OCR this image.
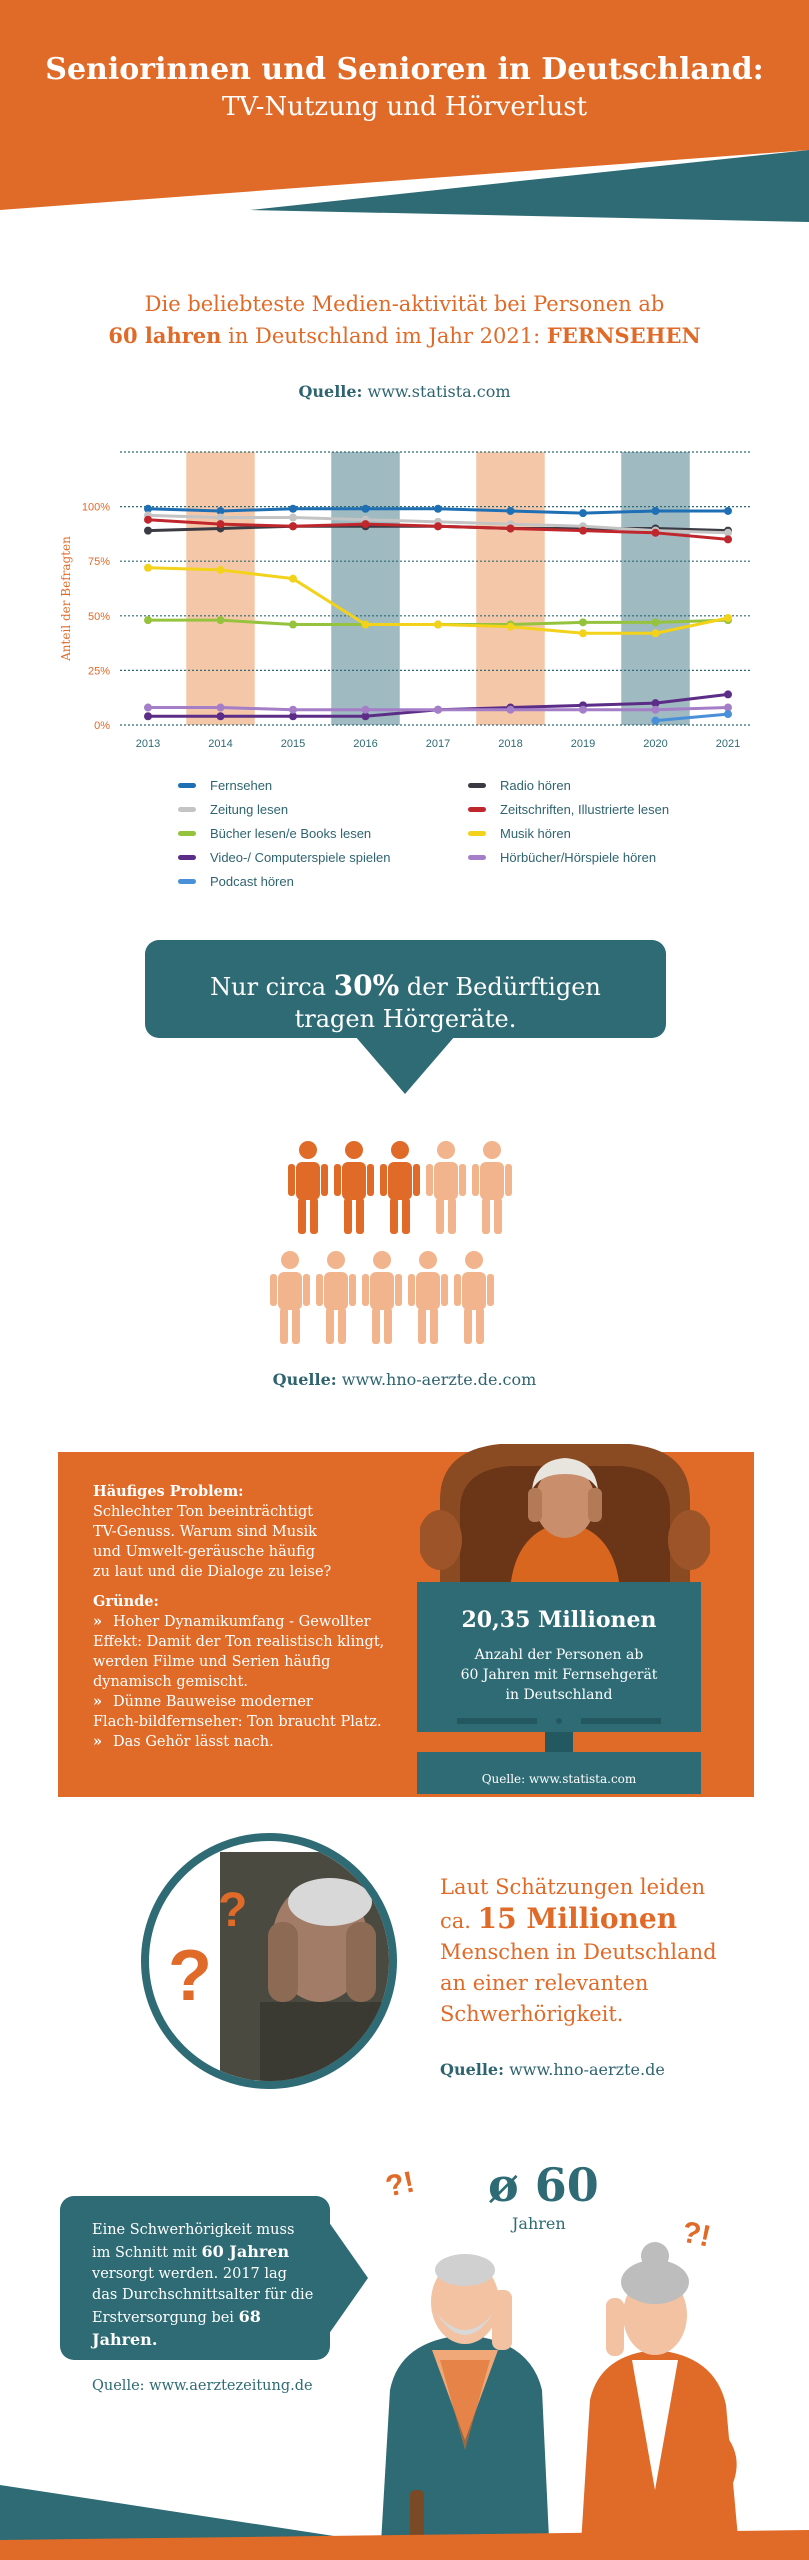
Seniorinnen und Senioren in Deutschland:
TV-Nutzung und Hörverlust
Die beliebteste Medien-aktivität bei Personen ab
60 lahren in Deutschland im Jahr 2021: FERNSEHEN
Quelle: www.statista.com
0%
25%
50%
75%
100%
2013	2014	2015	2016	2017	2018	2019	2020	2021
Anteil der Befragten
Fernsehen	Radio hören
Zeitung lesen	Zeitschriften, Illustrierte lesen
Bücher lesen/e Books lesen	Musik hören
Video-/ Computerspiele spielen	Hörbücher/Hörspiele hören
Podcast hören
Nur circa 30% der Bedürftigen
tragen Hörgeräte.
Quelle: www.hno-aerzte.de.com
Häufiges Problem:
Schlechter Ton beeinträchtigt
TV-Genuss. Warum sind Musik
und Umwelt-geräusche häufig
zu laut und die Dialoge zu leise?
Gründe:
» Hoher Dynamikumfang - Gewollter
Effekt: Damit der Ton realistisch klingt,
werden Filme und Serien häufig
dynamisch gemischt.
» Dünne Bauweise moderner
Flach-bildfernseher: Ton braucht Platz.
» Das Gehör lässt nach.
20,35 Millionen
Anzahl der Personen ab
60 Jahren mit Fernsehgerät
in Deutschland
Quelle: www.statista.com
?
?
Laut Schätzungen leiden
ca. 15 Millionen
Menschen in Deutschland
an einer relevanten
Schwerhörigkeit.
Quelle: www.hno-aerzte.de
ø 60
Jahren
Eine Schwerhörigkeit muss
im Schnitt mit 60 Jahren
versorgt werden. 2017 lag
das Durchschnittsalter für die
Erstversorgung bei 68 Jahren.
Quelle: www.aerztezeitung.de
?!
?!
